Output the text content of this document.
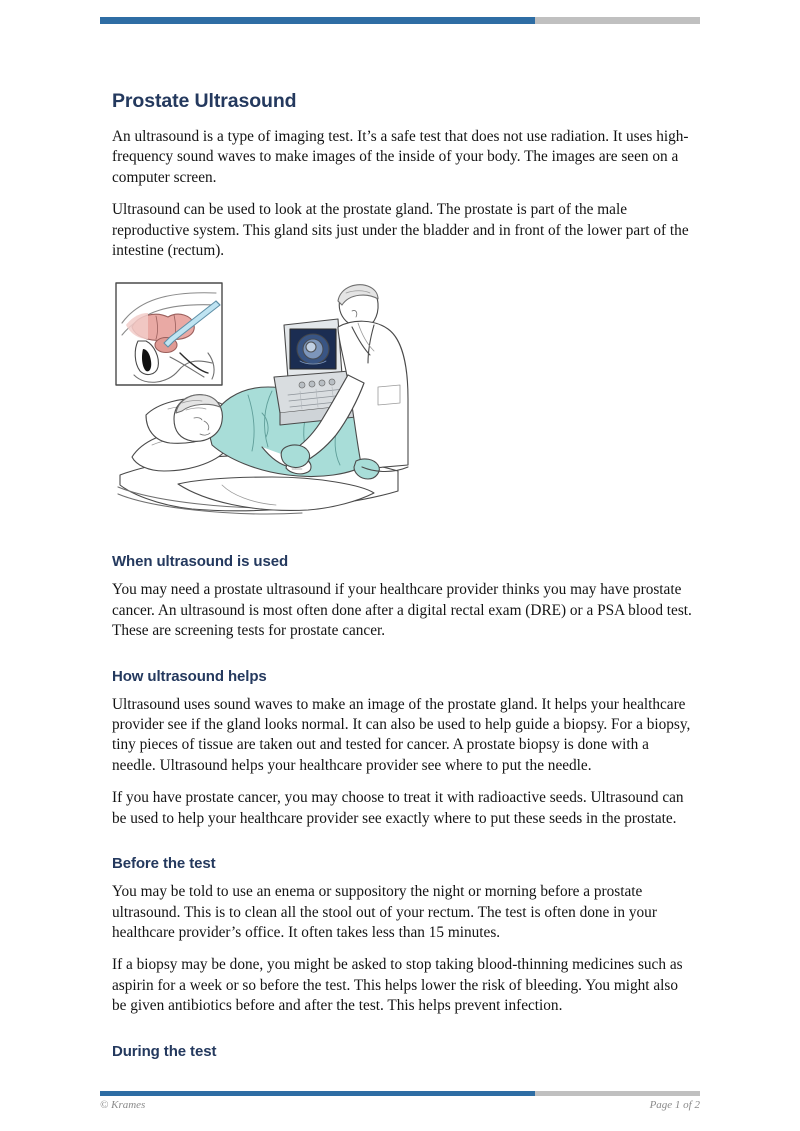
Prostate Ultrasound

An ultrasound is a type of imaging test. It’s a safe test that does not use radiation. It uses high-frequency sound waves to make images of the inside of your body. The images are seen on a computer screen.

Ultrasound can be used to look at the prostate gland. The prostate is part of the male reproductive system. This gland sits just under the bladder and in front of the lower part of the intestine (rectum).

When ultrasound is used

You may need a prostate ultrasound if your healthcare provider thinks you may have prostate cancer. An ultrasound is most often done after a digital rectal exam (DRE) or a PSA blood test. These are screening tests for prostate cancer.

How ultrasound helps

Ultrasound uses sound waves to make an image of the prostate gland. It helps your healthcare provider see if the gland looks normal. It can also be used to help guide a biopsy. For a biopsy, tiny pieces of tissue are taken out and tested for cancer. A prostate biopsy is done with a needle. Ultrasound helps your healthcare provider see where to put the needle.

If you have prostate cancer, you may choose to treat it with radioactive seeds. Ultrasound can be used to help your healthcare provider see exactly where to put these seeds in the prostate.

Before the test

You may be told to use an enema or suppository the night or morning before a prostate ultrasound. This is to clean all the stool out of your rectum. The test is often done in your healthcare provider’s office. It often takes less than 15 minutes.

If a biopsy may be done, you might be asked to stop taking blood-thinning medicines such as aspirin for a week or so before the test. This helps lower the risk of bleeding. You might also be given antibiotics before and after the test. This helps prevent infection.

During the test
© Krames	Page 1 of 2
